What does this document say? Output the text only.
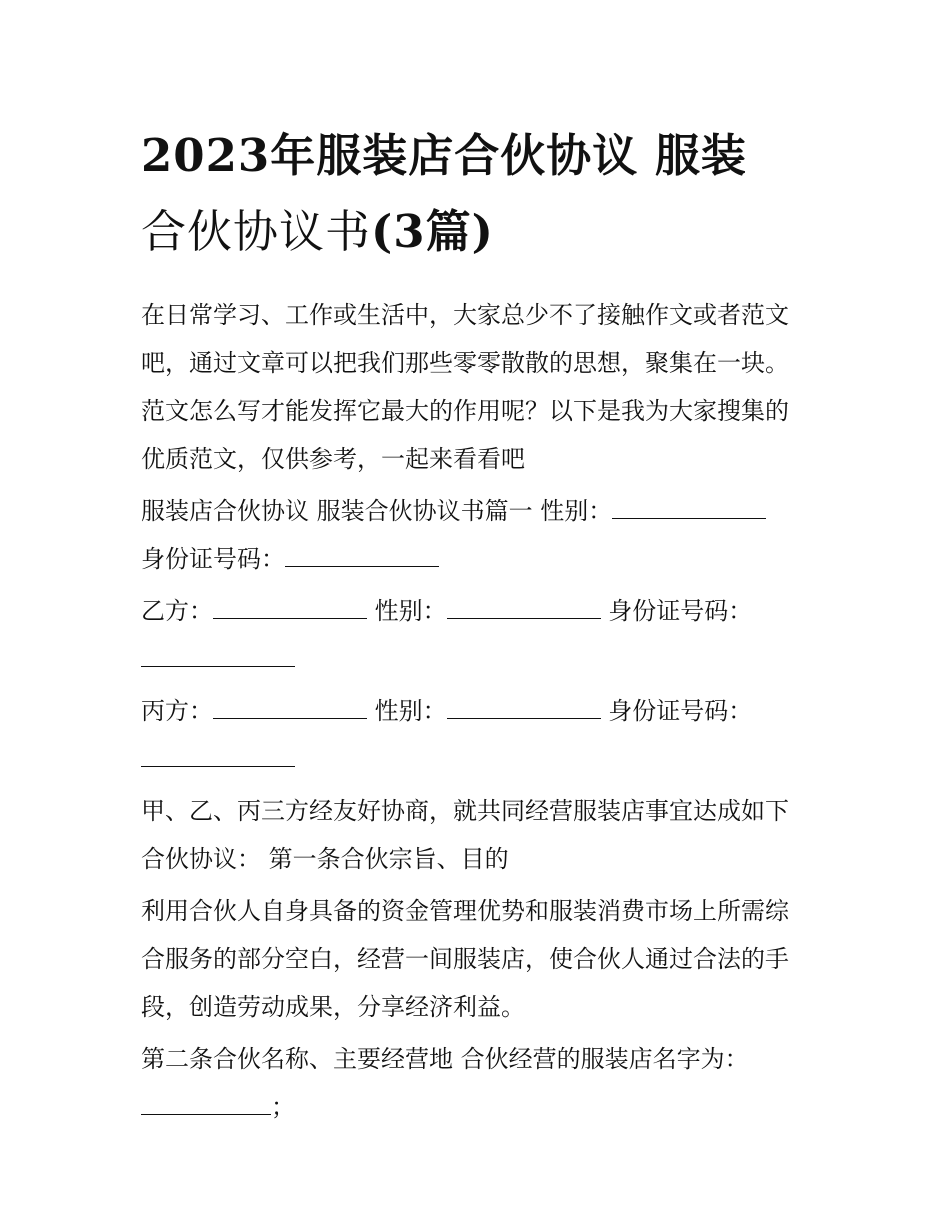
2023年服装店合伙协议 服装
合伙协议书(3篇)

在日常学习、工作或生活中，大家总少不了接触作文或者范文
吧，通过文章可以把我们那些零零散散的思想，聚集在一块。
范文怎么写才能发挥它最大的作用呢？以下是我为大家搜集的
优质范文，仅供参考，一起来看看吧

服装店合伙协议 服装合伙协议书篇一 性别：
身份证号码：

乙方：	性别：	身份证号码：

丙方：	性别：	身份证号码：

甲、乙、丙三方经友好协商，就共同经营服装店事宜达成如下
合伙协议： 第一条合伙宗旨、目的

利用合伙人自身具备的资金管理优势和服装消费市场上所需综
合服务的部分空白，经营一间服装店，使合伙人通过合法的手
段，创造劳动成果，分享经济利益。

第二条合伙名称、主要经营地 合伙经营的服装店名字为：
；
